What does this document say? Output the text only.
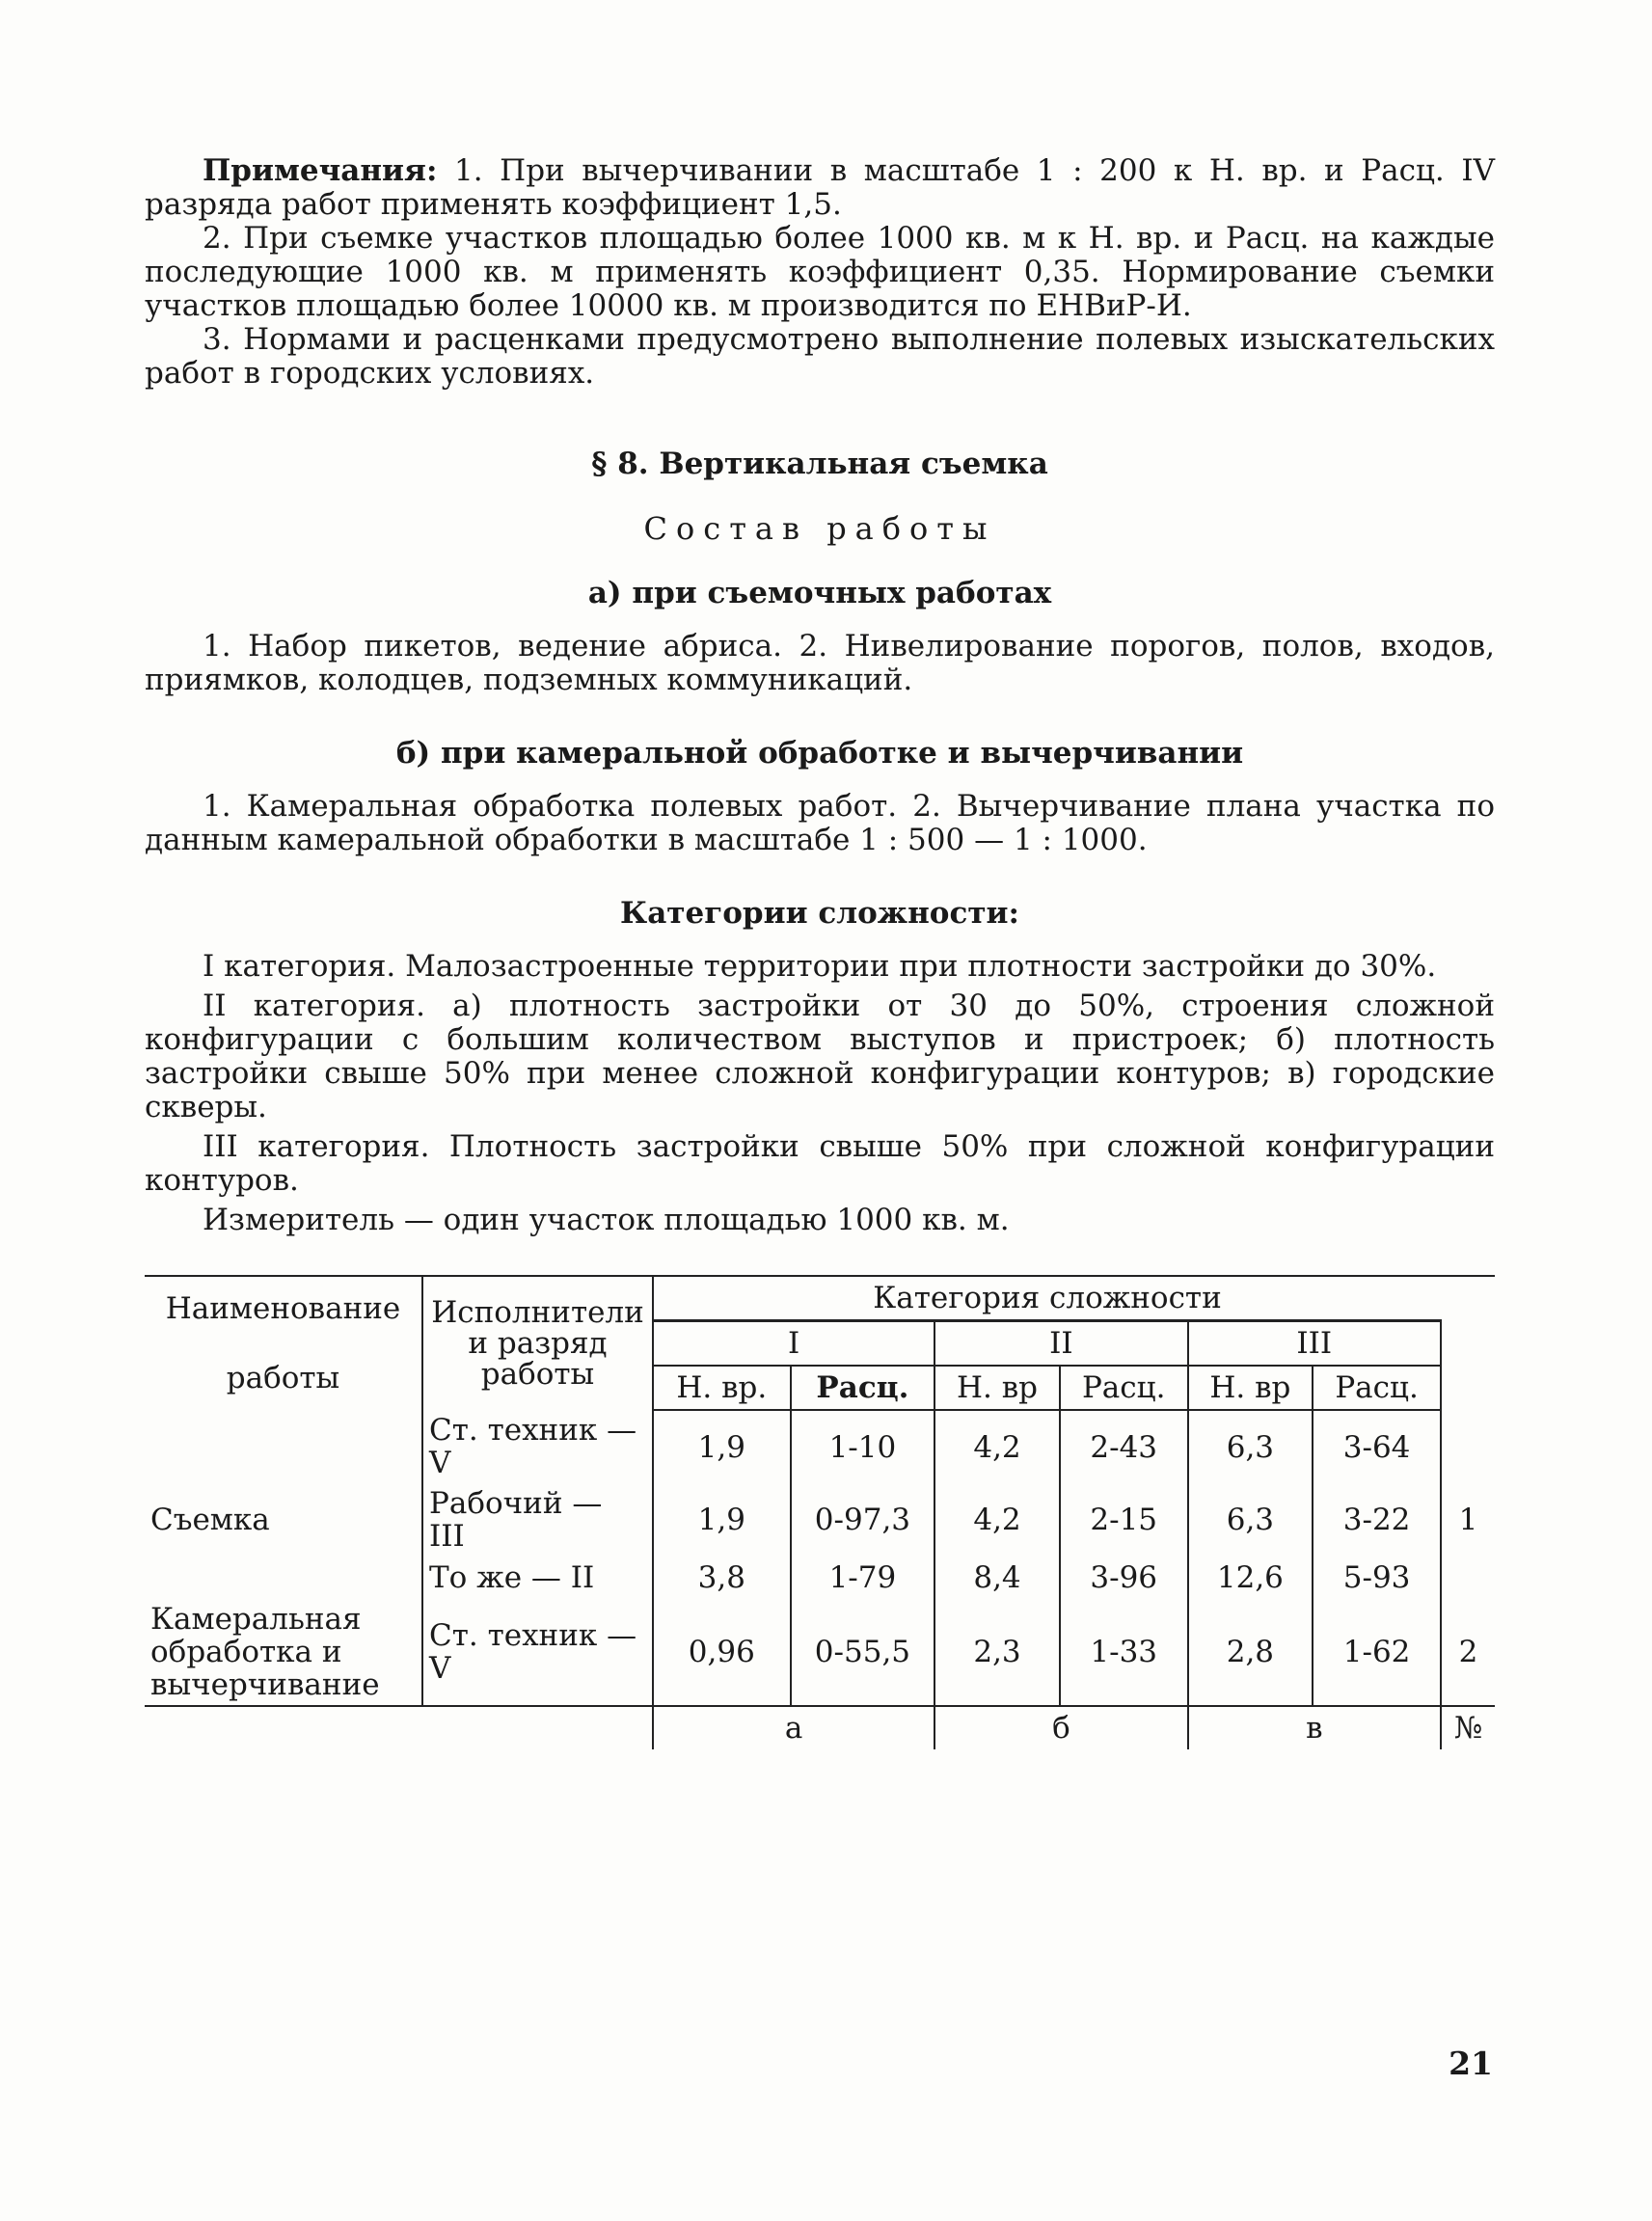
Примечания: 1. При вычерчивании в масштабе 1 : 200 к Н. вр. и Расц. IV разряда работ применять коэффициент 1,5.

2. При съемке участков площадью более 1000 кв. м к Н. вр. и Расц. на каждые последующие 1000 кв. м применять коэффициент 0,35. Нормирование съемки участков площадью более 10000 кв. м производится по ЕНВиР-И.

3. Нормами и расценками предусмотрено выполнение полевых изыскательских работ в городских условиях.

§ 8. Вертикальная съемка
Состав работы
а) при съемочных работах

1. Набор пикетов, ведение абриса. 2. Нивелирование порогов, полов, входов, приямков, колодцев, подземных коммуникаций.

б) при камеральной обработке и вычерчивании

1. Камеральная обработка полевых работ. 2. Вычерчивание плана участка по данным камеральной обработки в масштабе 1 : 500 — 1 : 1000.

Категории сложности:

I категория. Малозастроенные территории при плотности застройки до 30%.

II категория. а) плотность застройки от 30 до 50%, строения сложной конфигурации с большим количеством выступов и пристроек; б) плотность застройки свыше 50% при менее сложной конфигурации контуров; в) городские скверы.

III категория. Плотность застройки свыше 50% при сложной конфигурации контуров.

Измеритель — один участок площадью 1000 кв. м.

Наименование

работы	Исполнители и разряд работы	Категория сложности						
		I		II		III		
		Н. вр.	Расц.	Н. вр	Расц.	Н. вр	Расц.	
	Ст. техник — V	1,9	1-10	4,2	2-43	6,3	3-64	
Съемка	Рабочий — III	1,9	0-97,3	4,2	2-15	6,3	3-22	1
	То же — II	3,8	1-79	8,4	3-96	12,6	5-93	
Камеральная обработка и вычерчивание	Ст. техник — V	0,96	0-55,5	2,3	1-33	2,8	1-62	2
		а		б		в		№
21
